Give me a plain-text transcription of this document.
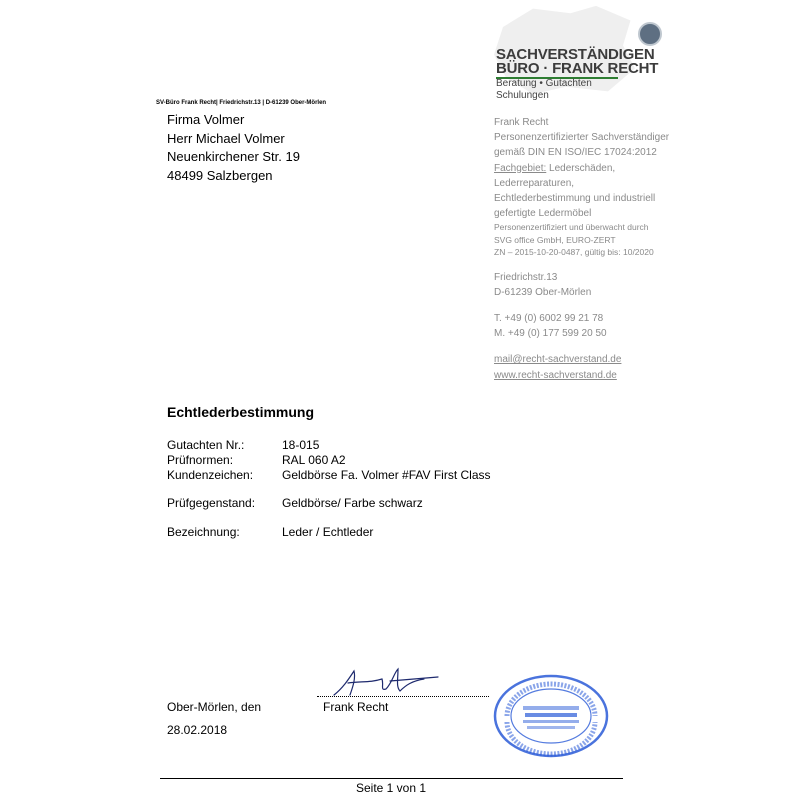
SACHVERSTÄNDIGEN
BÜRO · FRANK RECHT
Beratung • Gutachten
Schulungen
SV-Büro Frank Recht| Friedrichstr.13 | D-61239 Ober-Mörlen
Firma Volmer
Herr Michael Volmer
Neuenkirchener Str. 19
48499 Salzbergen
Frank Recht
Personenzertifizierter Sachverständiger
gemäß DIN EN ISO/IEC 17024:2012
Fachgebiet: Lederschäden,
Lederreparaturen,
Echtlederbestimmung und industriell
gefertigte Ledermöbel
Personenzertifiziert und überwacht durch
SVG office GmbH, EURO-ZERT
ZN – 2015-10-20-0487, gültig bis: 10/2020
Friedrichstr.13
D-61239 Ober-Mörlen
T. +49 (0) 6002 99 21 78
M. +49 (0) 177 599 20 50
mail@recht-sachverstand.de
www.recht-sachverstand.de
Echtlederbestimmung
Gutachten Nr.:	18-015
Prüfnormen:	RAL 060 A2
Kundenzeichen: Geldbörse Fa. Volmer #FAV First Class
Prüfgegenstand: Geldbörse/ Farbe schwarz
Bezeichnung:	Leder / Echtleder
Ober-Mörlen, den
28.02.2018
Frank Recht
Seite 1 von 1
